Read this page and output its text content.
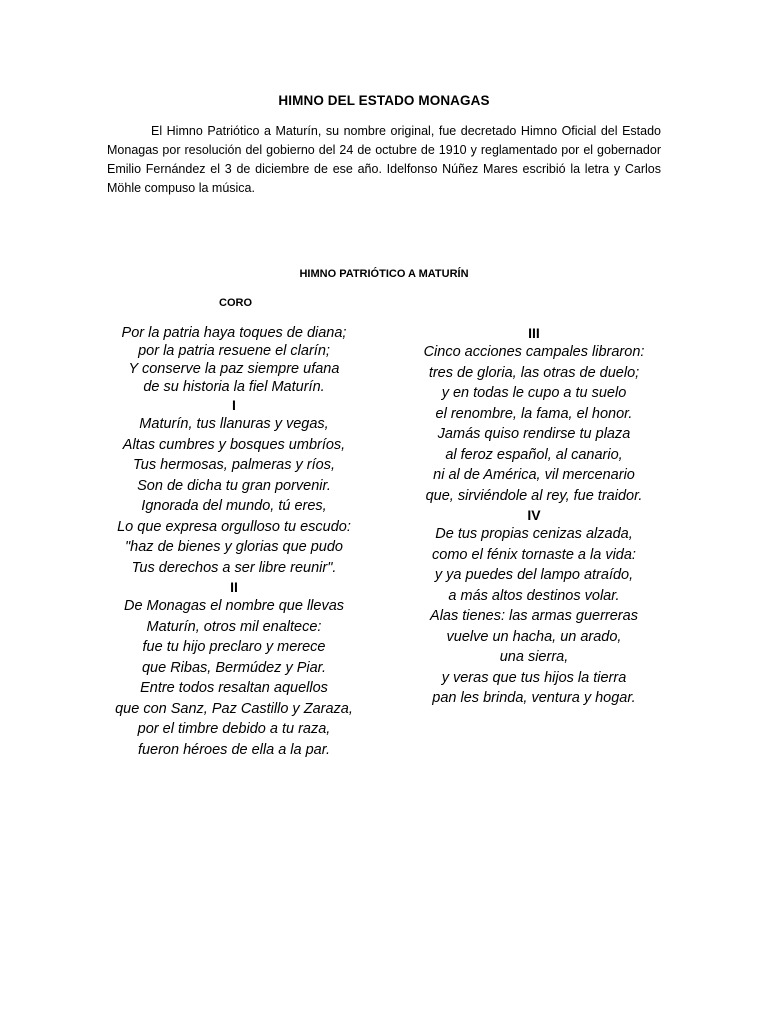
HIMNO DEL ESTADO MONAGAS

El Himno Patriótico a Maturín, su nombre original, fue decretado Himno Oficial del Estado Monagas por resolución del gobierno del 24 de octubre de 1910 y reglamentado por el gobernador Emilio Fernández el 3 de diciembre de ese año. Idelfonso Núñez Mares escribió la letra y Carlos Möhle compuso la música.

HIMNO PATRIÓTICO A MATURÍN
CORO
Por la patria haya toques de diana;
por la patria resuene el clarín;
Y conserve la paz siempre ufana
de su historia la fiel Maturín.
I
Maturín, tus llanuras y vegas,
Altas cumbres y bosques umbríos,
Tus hermosas, palmeras y ríos,
Son de dicha tu gran porvenir.
Ignorada del mundo, tú eres,
Lo que expresa orgulloso tu escudo:
"haz de bienes y glorias que pudo
Tus derechos a ser libre reunir".
II
De Monagas el nombre que llevas
Maturín, otros mil enaltece:
fue tu hijo preclaro y merece
que Ribas, Bermúdez y Piar.
Entre todos resaltan aquellos
que con Sanz, Paz Castillo y Zaraza,
por el timbre debido a tu raza,
fueron héroes de ella a la par.
III
Cinco acciones campales libraron:
tres de gloria, las otras de duelo;
y en todas le cupo a tu suelo
el renombre, la fama, el honor.
Jamás quiso rendirse tu plaza
al feroz español, al canario,
ni al de América, vil mercenario
que, sirviéndole al rey, fue traidor.
IV
De tus propias cenizas alzada,
como el fénix tornaste a la vida:
y ya puedes del lampo atraído,
a más altos destinos volar.
Alas tienes: las armas guerreras
vuelve un hacha, un arado,
una sierra,
y veras que tus hijos la tierra
pan les brinda, ventura y hogar.
